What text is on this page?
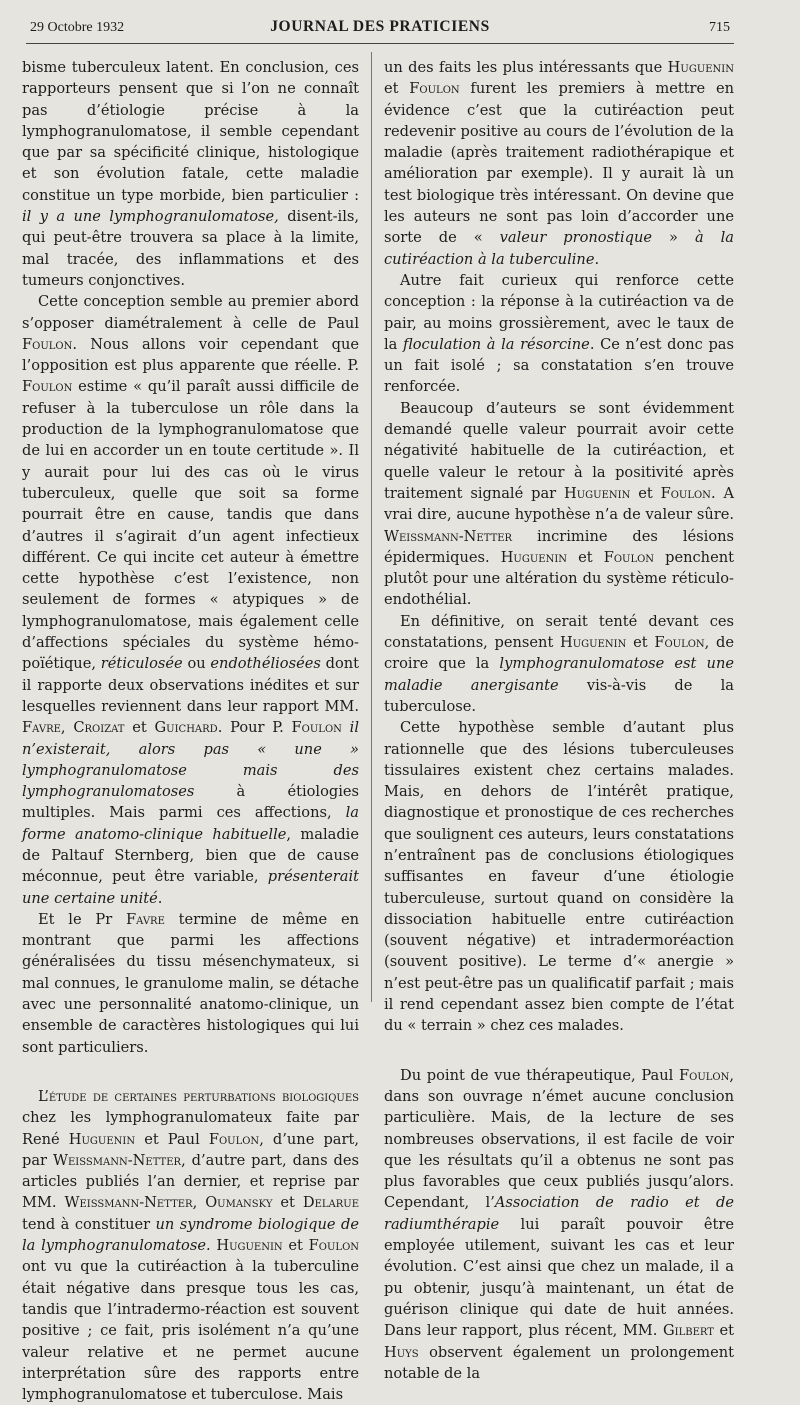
29 Octobre 1932	JOURNAL DES PRATICIENS	715

bisme tuberculeux latent. En conclusion, ces rapporteurs pensent que si l’on ne connaît pas d’étiologie précise à la lymphogranulomatose, il semble cependant que par sa spécificité clinique, histologique et son évolution fatale, cette maladie constitue un type morbide, bien particulier : il y a une lymphogranulomatose, disent-ils, qui peut-être trouvera sa place à la limite, mal tracée, des inflammations et des tumeurs conjonctives.

Cette conception semble au premier abord s’opposer diamétralement à celle de Paul Foulon. Nous allons voir cependant que l’opposition est plus apparente que réelle. P. Foulon estime « qu’il paraît aussi difficile de refuser à la tuberculose un rôle dans la production de la lymphogranulomatose que de lui en accorder un en toute certitude ». Il y aurait pour lui des cas où le virus tuberculeux, quelle que soit sa forme pourrait être en cause, tandis que dans d’autres il s’agirait d’un agent infectieux différent. Ce qui incite cet auteur à émettre cette hypothèse c’est l’existence, non seulement de formes « atypiques » de lymphogranulomatose, mais également celle d’affections spéciales du système hémo-poïétique, réticulosée ou endothéliosées dont il rapporte deux observations inédites et sur lesquelles reviennent dans leur rapport MM. Favre, Croizat et Guichard. Pour P. Foulon il n’existerait, alors pas « une » lymphogranulomatose mais des lymphogranulomatoses à étiologies multiples. Mais parmi ces affections, la forme anatomo-clinique habituelle, maladie de Paltauf Sternberg, bien que de cause méconnue, peut être variable, présenterait une certaine unité.

Et le Pr Favre termine de même en montrant que parmi les affections généralisées du tissu mésenchymateux, si mal connues, le granulome malin, se détache avec une personnalité anatomo-clinique, un ensemble de caractères histologiques qui lui sont particuliers.

L’étude de certaines perturbations biologiques chez les lymphogranulomateux faite par René Huguenin et Paul Foulon, d’une part, par Weissmann-Netter, d’autre part, dans des articles publiés l’an dernier, et reprise par MM. Weissmann-Netter, Oumansky et Delarue tend à constituer un syndrome biologique de la lymphogranulomatose. Huguenin et Foulon ont vu que la cutiréaction à la tuberculine était négative dans presque tous les cas, tandis que l’intradermo-réaction est souvent positive ; ce fait, pris isolément n’a qu’une valeur relative et ne permet aucune interprétation sûre des rapports entre lymphogranulomatose et tuberculose. Mais

un des faits les plus intéressants que Huguenin et Foulon furent les premiers à mettre en évidence c’est que la cutiréaction peut redevenir positive au cours de l’évolution de la maladie (après traitement radiothérapique et amélioration par exemple). Il y aurait là un test biologique très intéressant. On devine que les auteurs ne sont pas loin d’accorder une sorte de « valeur pronostique » à la cutiréaction à la tuberculine.

Autre fait curieux qui renforce cette conception : la réponse à la cutiréaction va de pair, au moins grossièrement, avec le taux de la floculation à la résorcine. Ce n’est donc pas un fait isolé ; sa constatation s’en trouve renforcée.

Beaucoup d’auteurs se sont évidemment demandé quelle valeur pourrait avoir cette négativité habituelle de la cutiréaction, et quelle valeur le retour à la positivité après traitement signalé par Huguenin et Foulon. A vrai dire, aucune hypothèse n’a de valeur sûre. Weissmann-Netter incrimine des lésions épidermiques. Huguenin et Foulon penchent plutôt pour une altération du système réticulo-endothélial.

En définitive, on serait tenté devant ces constatations, pensent Huguenin et Foulon, de croire que la lymphogranulomatose est une maladie anergisante vis-à-vis de la tuberculose.

Cette hypothèse semble d’autant plus rationnelle que des lésions tuberculeuses tissulaires existent chez certains malades. Mais, en dehors de l’intérêt pratique, diagnostique et pronostique de ces recherches que soulignent ces auteurs, leurs constatations n’entraînent pas de conclusions étiologiques suffisantes en faveur d’une étiologie tuberculeuse, surtout quand on considère la dissociation habituelle entre cutiréaction (souvent négative) et intradermoréaction (souvent positive). Le terme d’« anergie » n’est peut-être pas un qualificatif parfait ; mais il rend cependant assez bien compte de l’état du « terrain » chez ces malades.

Du point de vue thérapeutique, Paul Foulon, dans son ouvrage n’émet aucune conclusion particulière. Mais, de la lecture de ses nombreuses observations, il est facile de voir que les résultats qu’il a obtenus ne sont pas plus favorables que ceux publiés jusqu’alors. Cependant, l’Association de radio et de radiumthérapie lui paraît pouvoir être employée utilement, suivant les cas et leur évolution. C’est ainsi que chez un malade, il a pu obtenir, jusqu’à maintenant, un état de guérison clinique qui date de huit années. Dans leur rapport, plus récent, MM. Gilbert et Huys observent également un prolongement notable de la
